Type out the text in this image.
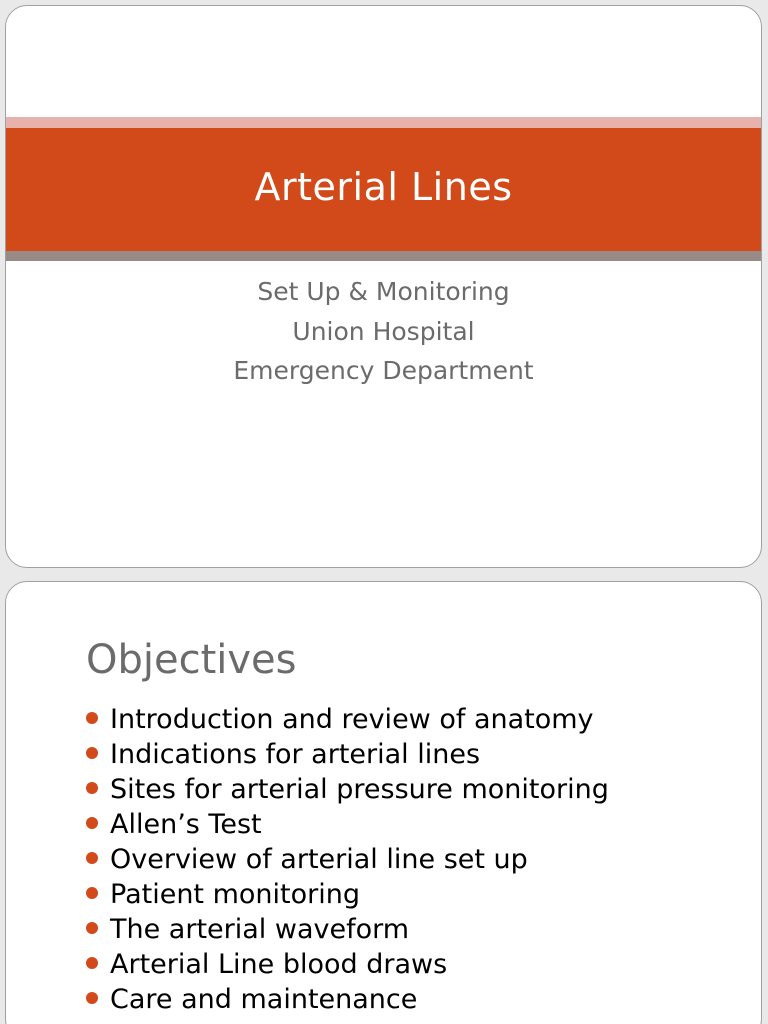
Arterial Lines
Set Up & Monitoring
Union Hospital
Emergency Department
Objectives
Introduction and review of anatomy
Indications for arterial lines
Sites for arterial pressure monitoring
Allen’s Test
Overview of arterial line set up
Patient monitoring
The arterial waveform
Arterial Line blood draws
Care and maintenance
